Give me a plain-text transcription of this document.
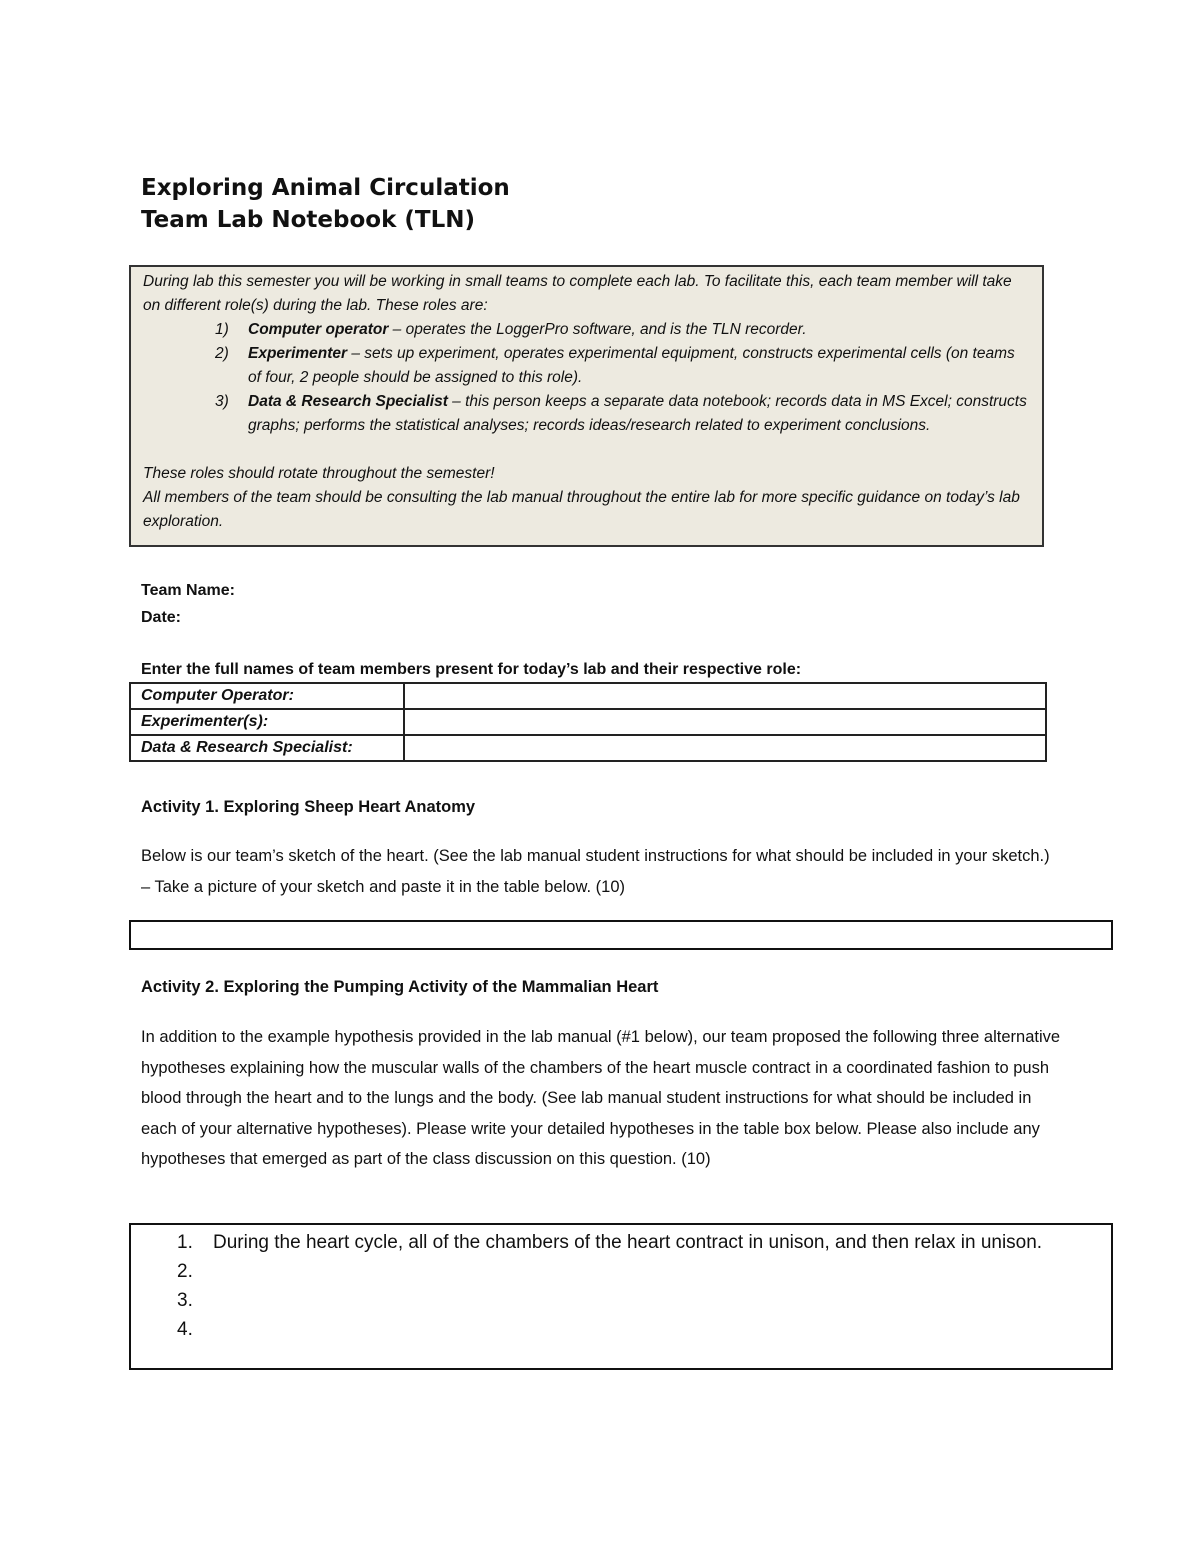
Exploring Animal Circulation
Team Lab Notebook (TLN)

During lab this semester you will be working in small teams to complete each lab. To facilitate this, each team member will take on different role(s) during the lab. These roles are:

1) Computer operator – operates the LoggerPro software, and is the TLN recorder.
2) Experimenter – sets up experiment, operates experimental equipment, constructs experimental cells (on teams of four, 2 people should be assigned to this role).
3) Data & Research Specialist – this person keeps a separate data notebook; records data in MS Excel; constructs graphs; performs the statistical analyses; records ideas/research related to experiment conclusions.

These roles should rotate throughout the semester!

All members of the team should be consulting the lab manual throughout the entire lab for more specific guidance on today’s lab exploration.

Team Name:
Date:
Enter the full names of team members present for today’s lab and their respective role:
Computer Operator:	
Experimenter(s):	
Data & Research Specialist:	
Activity 1. Exploring Sheep Heart Anatomy
Below is our team’s sketch of the heart. (See the lab manual student instructions for what should be included in your sketch.) – Take a picture of your sketch and paste it in the table below. (10)
Activity 2. Exploring the Pumping Activity of the Mammalian Heart
In addition to the example hypothesis provided in the lab manual (#1 below), our team proposed the following three alternative hypotheses explaining how the muscular walls of the chambers of the heart muscle contract in a coordinated fashion to push blood through the heart and to the lungs and the body. (See lab manual student instructions for what should be included in each of your alternative hypotheses). Please write your detailed hypotheses in the table box below. Please also include any hypotheses that emerged as part of the class discussion on this question. (10)
1. During the heart cycle, all of the chambers of the heart contract in unison, and then relax in unison.
2.
3.
4.
